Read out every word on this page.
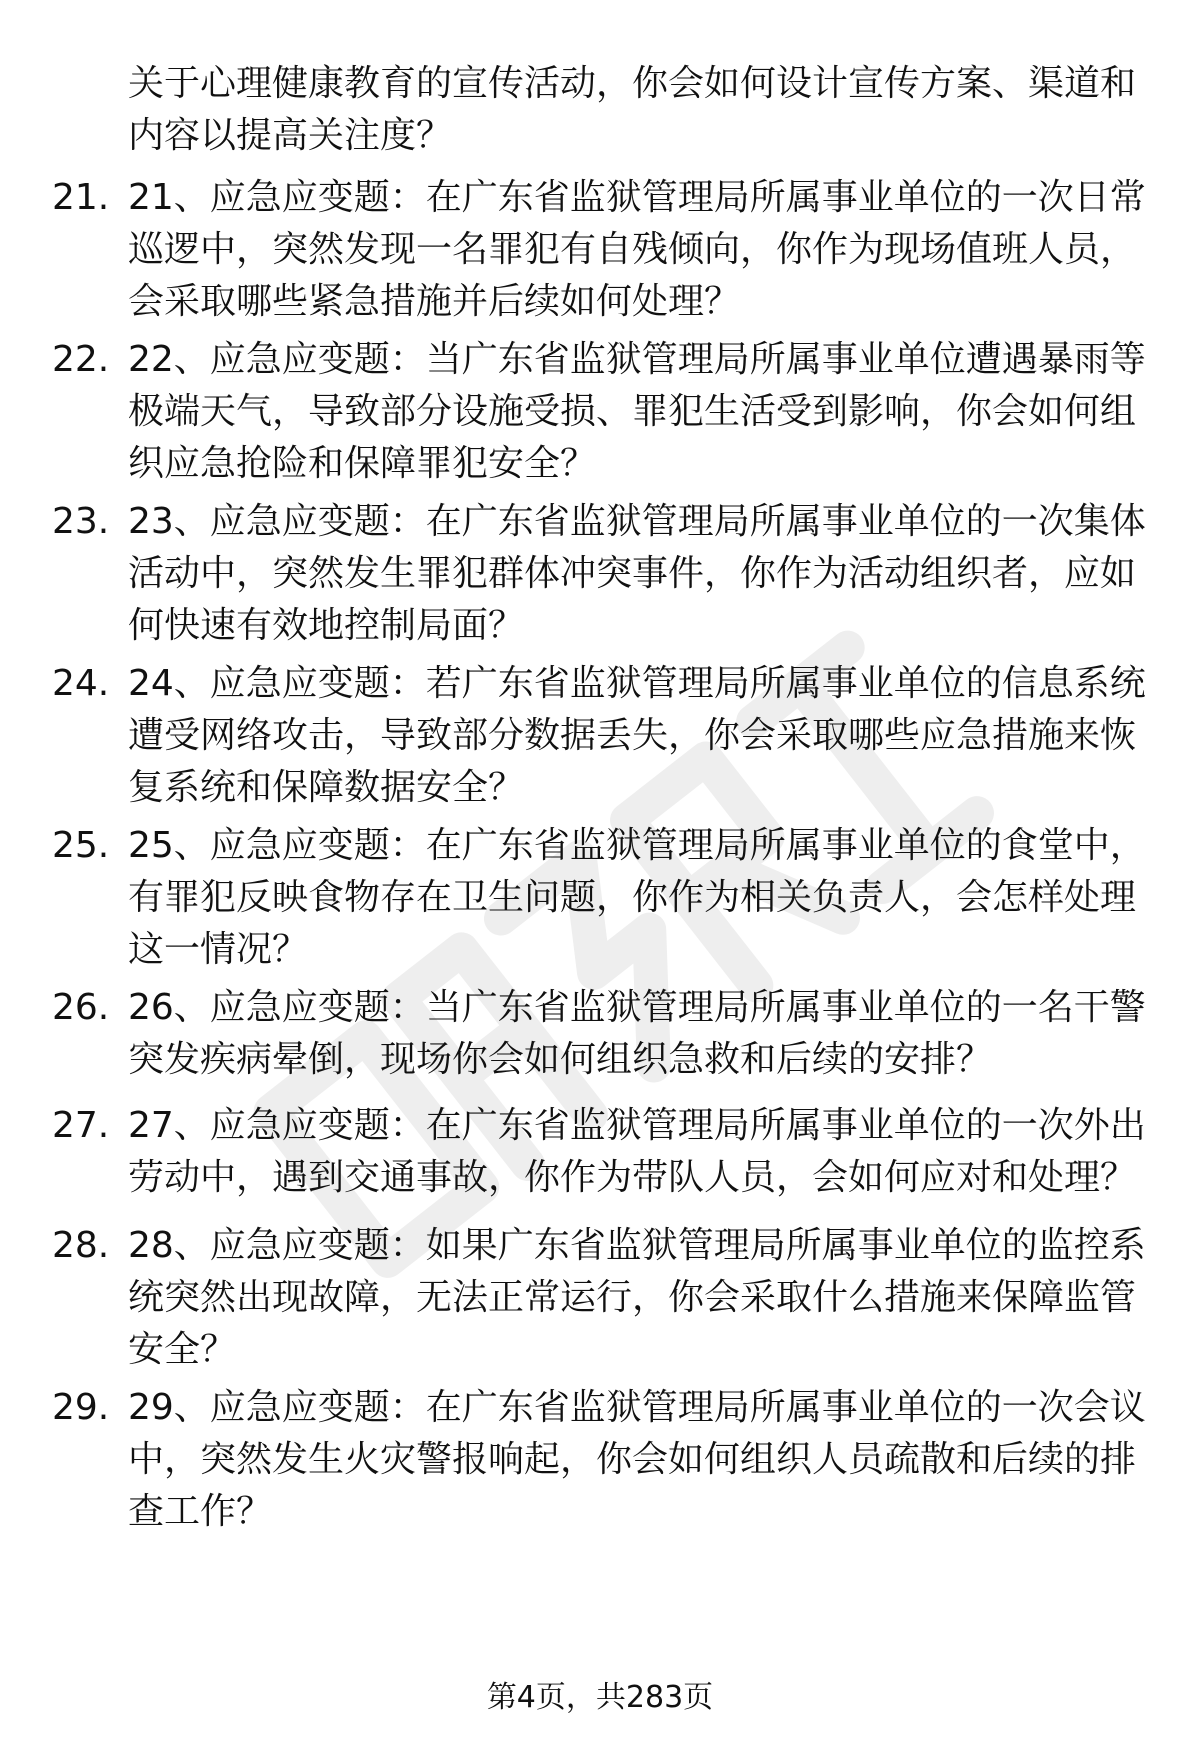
关于心理健康教育的宣传活动，你会如何设计宣传方案、渠道和内容以提高关注度？

21. 21、应急应变题：在广东省监狱管理局所属事业单位的一次日常巡逻中，突然发现一名罪犯有自残倾向，你作为现场值班人员，会采取哪些紧急措施并后续如何处理？

22. 22、应急应变题：当广东省监狱管理局所属事业单位遭遇暴雨等极端天气，导致部分设施受损、罪犯生活受到影响，你会如何组织应急抢险和保障罪犯安全？

23. 23、应急应变题：在广东省监狱管理局所属事业单位的一次集体活动中，突然发生罪犯群体冲突事件，你作为活动组织者，应如何快速有效地控制局面？

24. 24、应急应变题：若广东省监狱管理局所属事业单位的信息系统遭受网络攻击，导致部分数据丢失，你会采取哪些应急措施来恢复系统和保障数据安全？

25. 25、应急应变题：在广东省监狱管理局所属事业单位的食堂中，有罪犯反映食物存在卫生问题，你作为相关负责人，会怎样处理这一情况？

26. 26、应急应变题：当广东省监狱管理局所属事业单位的一名干警突发疾病晕倒，现场你会如何组织急救和后续的安排？

27. 27、应急应变题：在广东省监狱管理局所属事业单位的一次外出劳动中，遇到交通事故，你作为带队人员，会如何应对和处理？

28. 28、应急应变题：如果广东省监狱管理局所属事业单位的监控系统突然出现故障，无法正常运行，你会采取什么措施来保障监管安全？

29. 29、应急应变题：在广东省监狱管理局所属事业单位的一次会议中，突然发生火灾警报响起，你会如何组织人员疏散和后续的排查工作？

第4页，共283页
